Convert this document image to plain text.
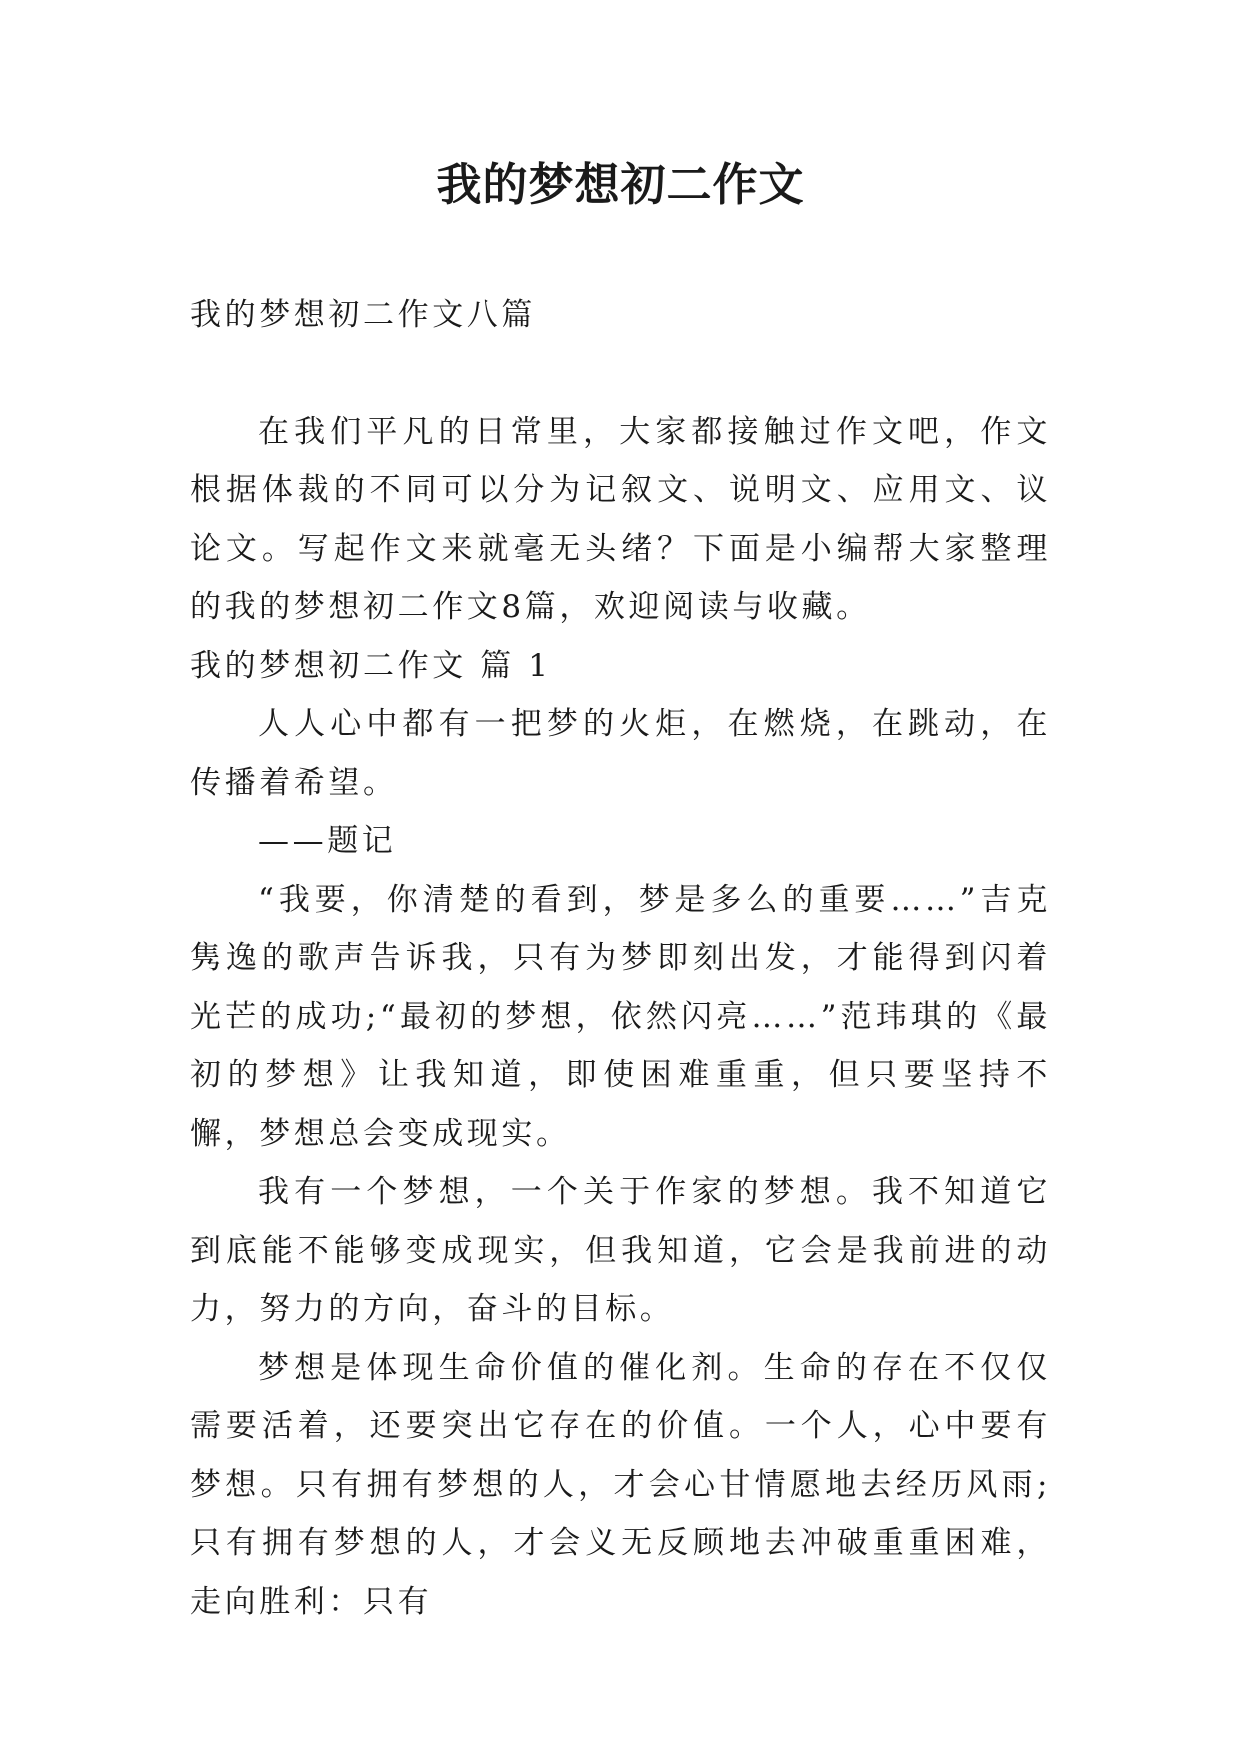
我的梦想初二作文

我的梦想初二作文八篇

在我们平凡的日常里，大家都接触过作文吧，作文根据体裁的不同可以分为记叙文、说明文、应用文、议论文。写起作文来就毫无头绪？下面是小编帮大家整理的我的梦想初二作文8篇，欢迎阅读与收藏。

我的梦想初二作文 篇 1

人人心中都有一把梦的火炬，在燃烧，在跳动，在传播着希望。

——题记

“我要，你清楚的看到，梦是多么的重要……”吉克隽逸的歌声告诉我，只有为梦即刻出发，才能得到闪着光芒的成功;“最初的梦想，依然闪亮……”范玮琪的《最初的梦想》让我知道，即使困难重重，但只要坚持不懈，梦想总会变成现实。

我有一个梦想，一个关于作家的梦想。我不知道它到底能不能够变成现实，但我知道，它会是我前进的动力，努力的方向，奋斗的目标。

梦想是体现生命价值的催化剂。生命的存在不仅仅需要活着，还要突出它存在的价值。一个人，心中要有梦想。只有拥有梦想的人，才会心甘情愿地去经历风雨;只有拥有梦想的人，才会义无反顾地去冲破重重困难，走向胜利：只有
